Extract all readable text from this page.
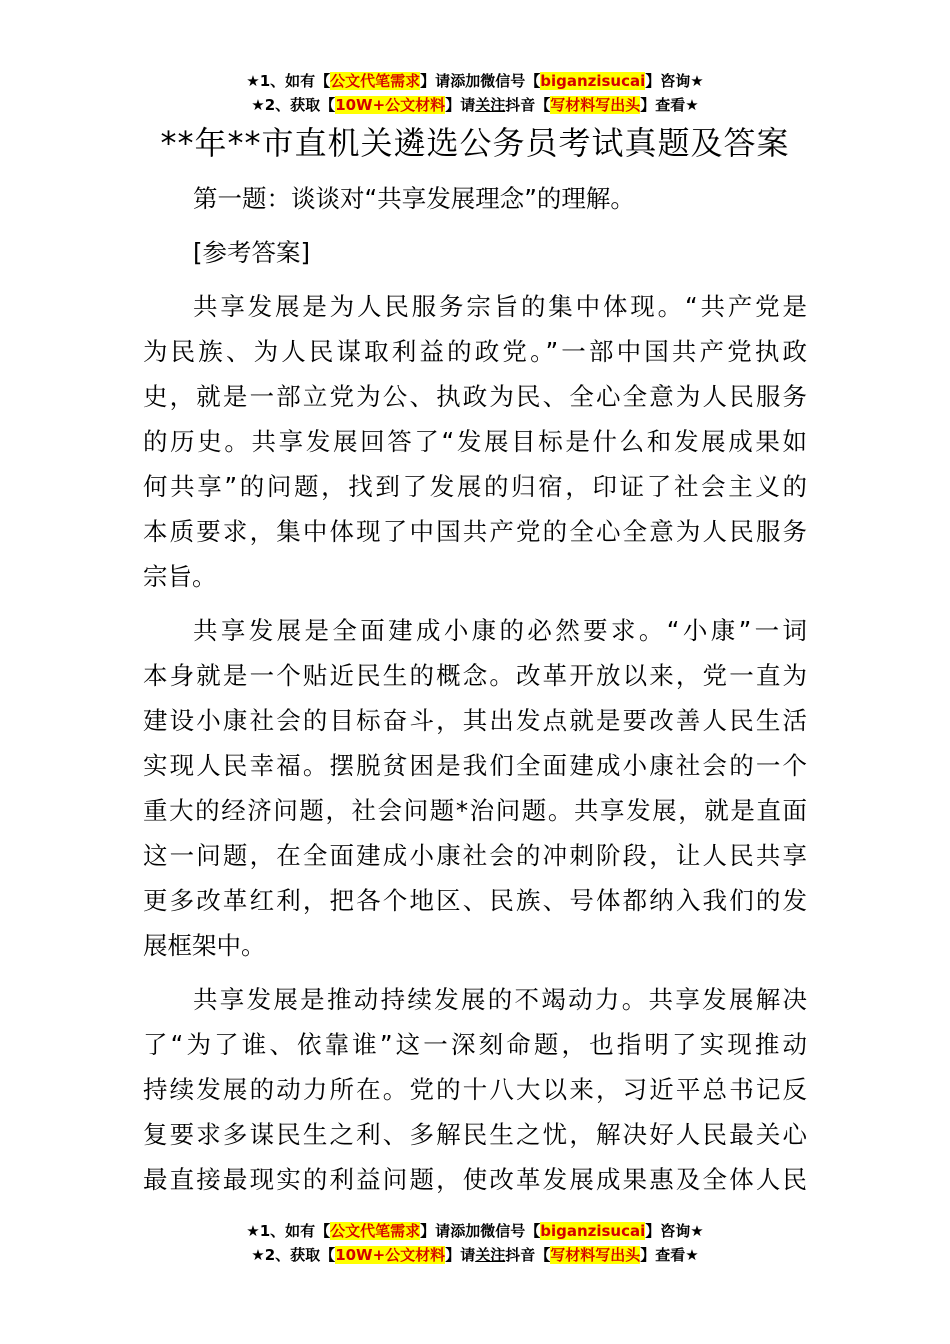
★1、如有【公文代笔需求】请添加微信号【biganzisucai】咨询★
★2、获取【10W+公文材料】请关注抖音【写材料写出头】查看★
**年**市直机关遴选公务员考试真题及答案
第一题：谈谈对“共享发展理念”的理解。
[参考答案]
共享发展是为人民服务宗旨的集中体现。“共产党是
为民族、为人民谋取利益的政党。”一部中国共产党执政
史，就是一部立党为公、执政为民、全心全意为人民服务
的历史。共享发展回答了“发展目标是什么和发展成果如
何共享”的问题，找到了发展的归宿，印证了社会主义的
本质要求，集中体现了中国共产党的全心全意为人民服务
宗旨。
共享发展是全面建成小康的必然要求。“小康”一词
本身就是一个贴近民生的概念。改革开放以来，党一直为
建设小康社会的目标奋斗，其出发点就是要改善人民生活
实现人民幸福。摆脱贫困是我们全面建成小康社会的一个
重大的经济问题，社会问题*治问题。共享发展，就是直面
这一问题，在全面建成小康社会的冲刺阶段，让人民共享
更多改革红利，把各个地区、民族、号体都纳入我们的发
展框架中。
共享发展是推动持续发展的不竭动力。共享发展解决
了“为了谁、依靠谁”这一深刻命题，也指明了实现推动
持续发展的动力所在。党的十八大以来，习近平总书记反
复要求多谋民生之利、多解民生之忧，解决好人民最关心
最直接最现实的利益问题，使改革发展成果惠及全体人民
★1、如有【公文代笔需求】请添加微信号【biganzisucai】咨询★
★2、获取【10W+公文材料】请关注抖音【写材料写出头】查看★
